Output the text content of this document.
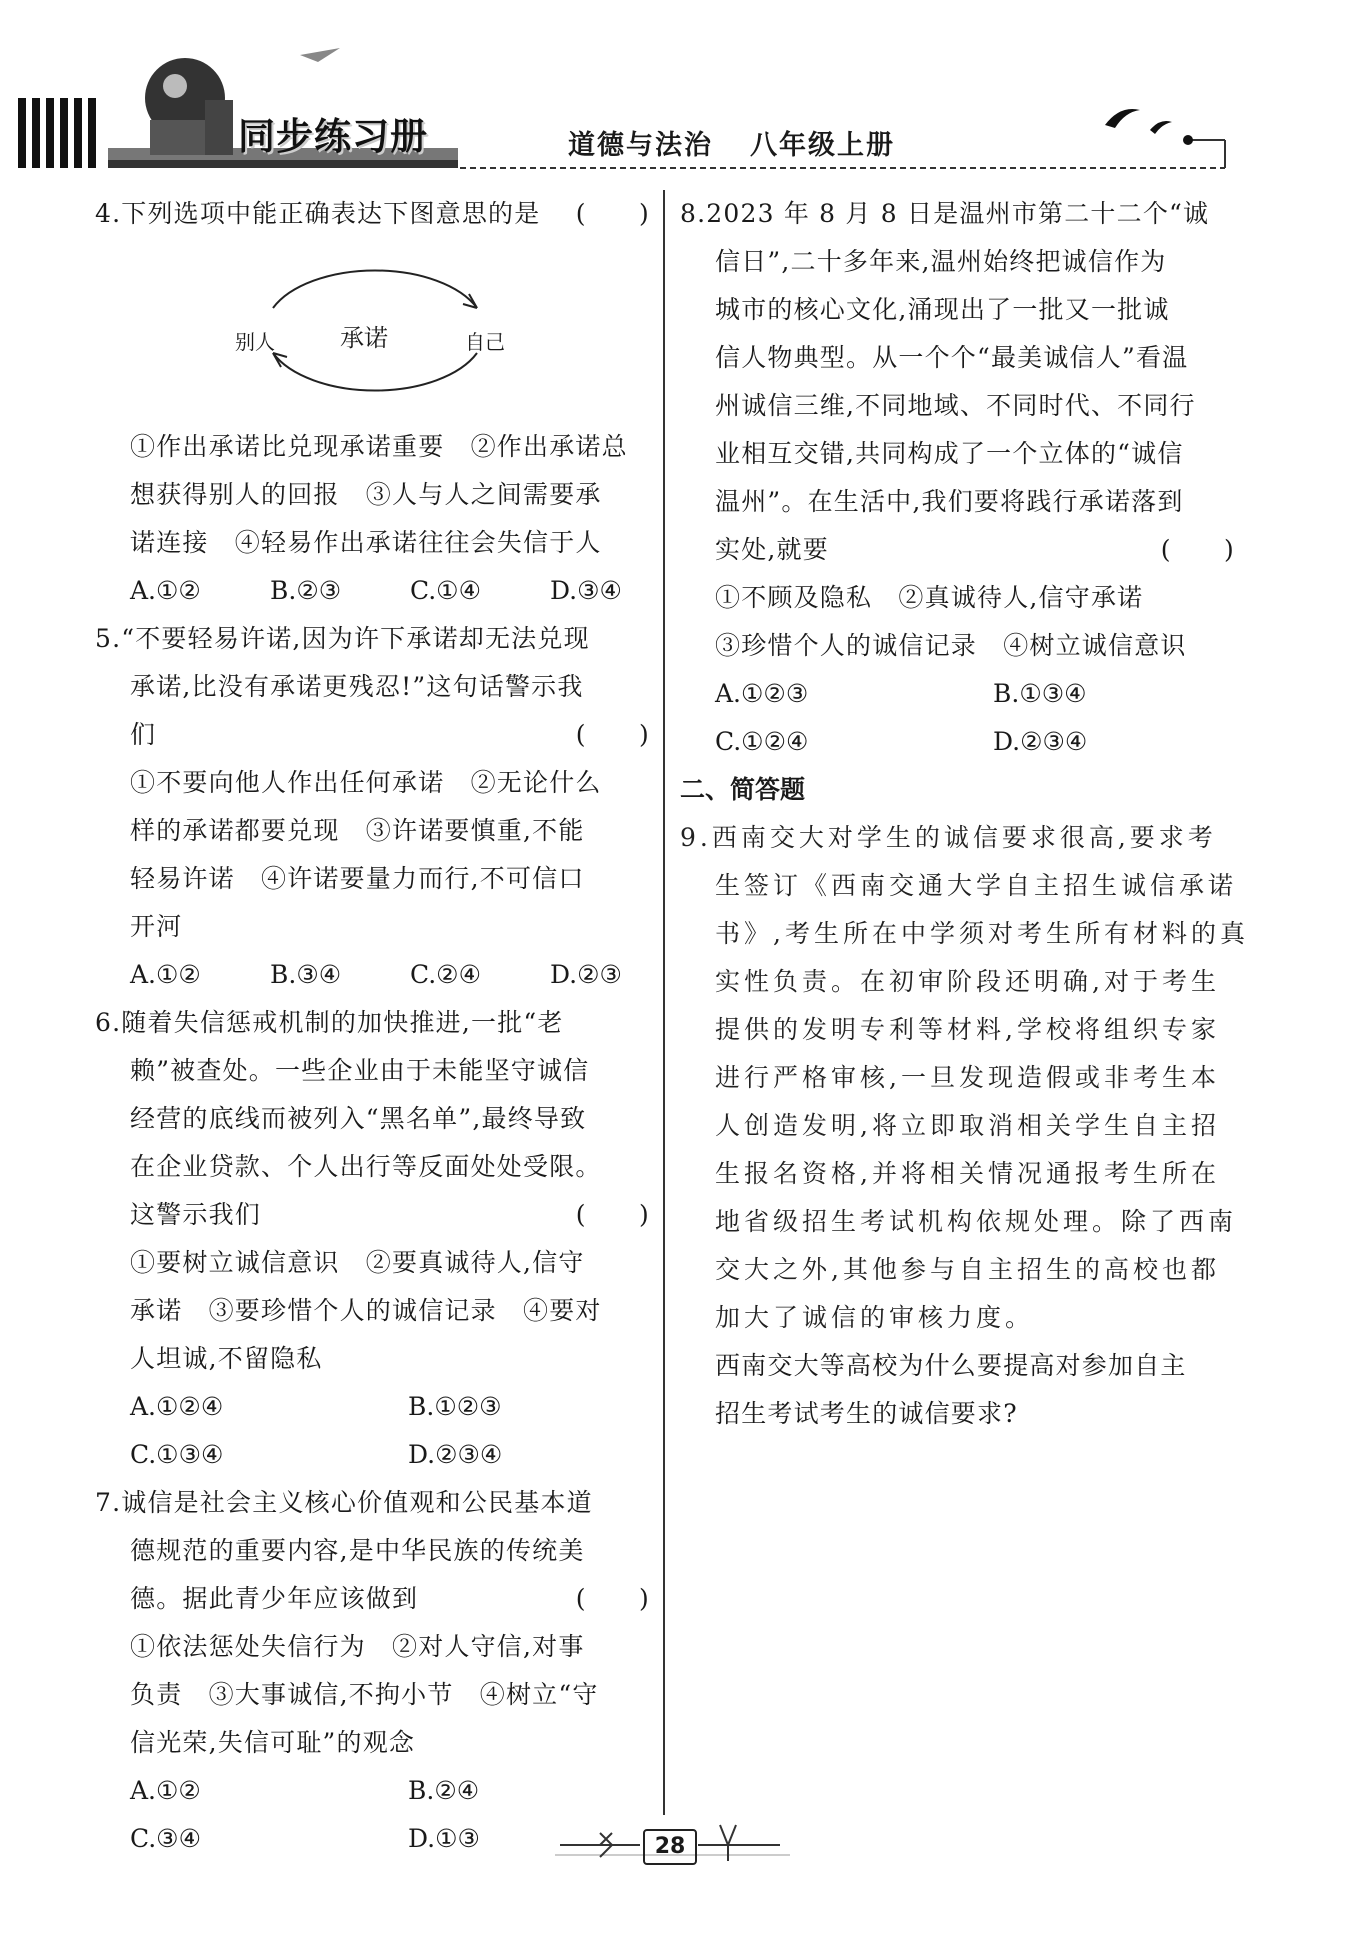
同步练习册	道德与法治 八年级上册

4.下列选项中能正确表达下图意思的是 (　　)

别人	承诺	自己

①作出承诺比兑现承诺重要　②作出承诺总

想获得别人的回报　③人与人之间需要承

诺连接　④轻易作出承诺往往会失信于人

A.①②	B.②③	C.①④	D.③④

5.“不要轻易许诺,因为许下承诺却无法兑现

承诺,比没有承诺更残忍!”这句话警示我

们	(　　)

①不要向他人作出任何承诺　②无论什么

样的承诺都要兑现　③许诺要慎重,不能

轻易许诺　④许诺要量力而行,不可信口

开河

A.①②	B.③④	C.②④	D.②③

6.随着失信惩戒机制的加快推进,一批“老

赖”被查处。一些企业由于未能坚守诚信

经营的底线而被列入“黑名单”,最终导致

在企业贷款、个人出行等反面处处受限。

这警示我们	(　　)

①要树立诚信意识　②要真诚待人,信守

承诺　③要珍惜个人的诚信记录　④要对

人坦诚,不留隐私

A.①②④	B.①②③
C.①③④	D.②③④

7.诚信是社会主义核心价值观和公民基本道

德规范的重要内容,是中华民族的传统美

德。据此青少年应该做到	(　　)

①依法惩处失信行为　②对人守信,对事

负责　③大事诚信,不拘小节　④树立“守

信光荣,失信可耻”的观念

A.①②	B.②④
C.③④	D.①③

8.2023 年 8 月 8 日是温州市第二十二个“诚

信日”,二十多年来,温州始终把诚信作为

城市的核心文化,涌现出了一批又一批诚

信人物典型。从一个个“最美诚信人”看温

州诚信三维,不同地域、不同时代、不同行

业相互交错,共同构成了一个立体的“诚信

温州”。在生活中,我们要将践行承诺落到

实处,就要	(　　)

①不顾及隐私　②真诚待人,信守承诺

③珍惜个人的诚信记录　④树立诚信意识

A.①②③	B.①③④
C.①②④	D.②③④

二、简答题

9.西南交大对学生的诚信要求很高,要求考

生签订《西南交通大学自主招生诚信承诺

书》,考生所在中学须对考生所有材料的真

实性负责。在初审阶段还明确,对于考生

提供的发明专利等材料,学校将组织专家

进行严格审核,一旦发现造假或非考生本

人创造发明,将立即取消相关学生自主招

生报名资格,并将相关情况通报考生所在

地省级招生考试机构依规处理。除了西南

交大之外,其他参与自主招生的高校也都

加大了诚信的审核力度。

西南交大等高校为什么要提高对参加自主

招生考试考生的诚信要求?

28
